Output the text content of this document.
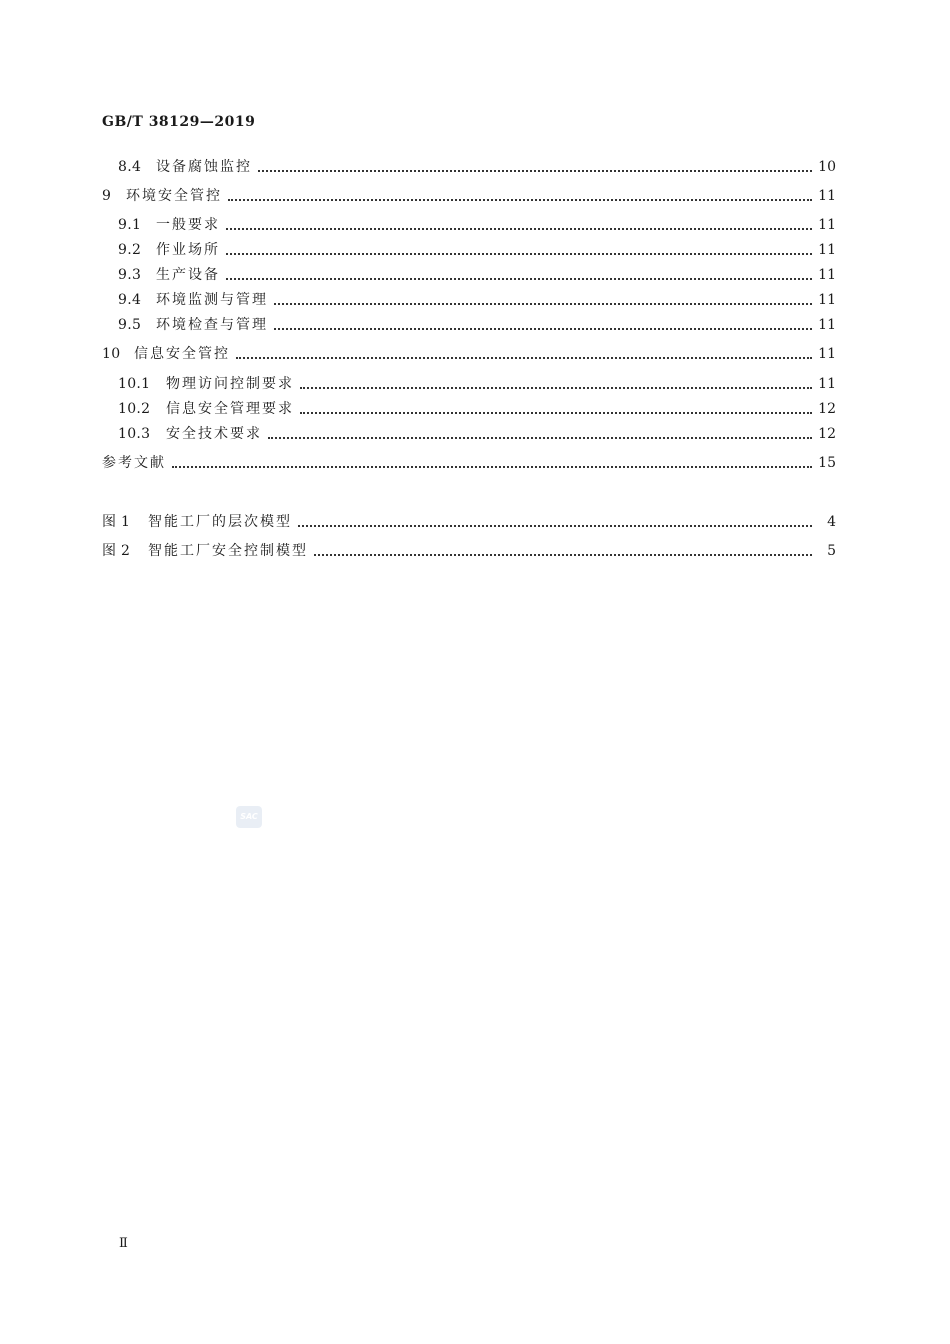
GB/T 38129—2019
8.4	设备腐蚀监控	10
9	环境安全管控	11
9.1	一般要求	11
9.2	作业场所	11
9.3	生产设备	11
9.4	环境监测与管理	11
9.5	环境检查与管理	11
10 信息安全管控	11
10.1	物理访问控制要求	11
10.2	信息安全管理要求	12
10.3	安全技术要求	12
参考文献	15
图 1	智能工厂的层次模型	4
图 2	智能工厂安全控制模型	5
SAC
Ⅱ
